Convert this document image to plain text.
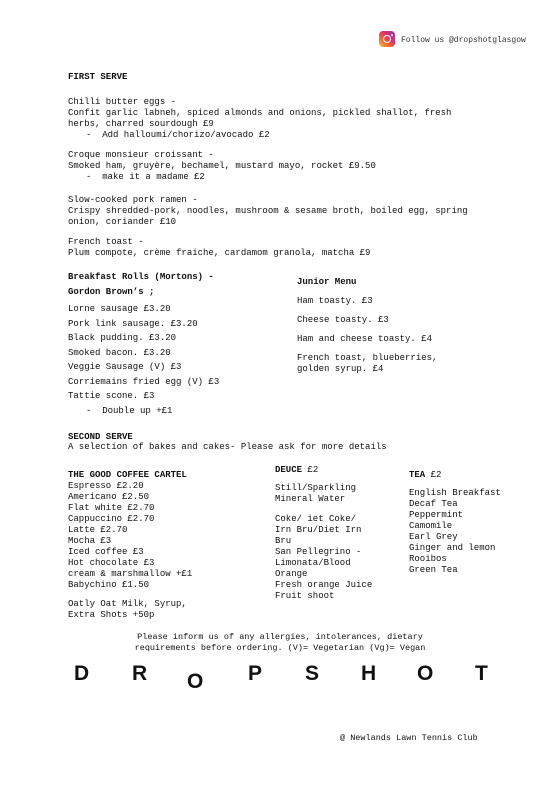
Follow us @dropshotglasgow
FIRST SERVE
Chilli butter eggs -
Confit garlic labneh, spiced almonds and onions, pickled shallot, fresh
herbs, charred sourdough £9
-  Add halloumi/chorizo/avocado £2
Croque monsieur croissant -
Smoked ham, gruyère, bechamel, mustard mayo, rocket £9.50
-  make it a madame £2
Slow-cooked pork ramen -
Crispy shredded-pork, noodles, mushroom & sesame broth, boiled egg, spring
onion, coriander £10
French toast -
Plum compote, crème fraiche, cardamom granola, matcha £9
Breakfast Rolls (Mortons) -
Gordon Brown’s ;
Lorne sausage £3.20
Pork link sausage. £3.20
Black pudding. £3.20
Smoked bacon. £3.20
Veggie Sausage (V) £3
Corriemains fried egg (V) £3
Tattie scone. £3
-  Double up +£1
Junior Menu
Ham toasty. £3
Cheese toasty. £3
Ham and cheese toasty. £4
French toast, blueberries,
golden syrup. £4
SECOND SERVE
A selection of bakes and cakes- Please ask for more details
THE GOOD COFFEE CARTEL
Espresso £2.20
Americano £2.50
Flat white £2.70
Cappuccino £2.70
Latte £2.70
Mocha £3
Iced coffee £3
Hot chocolate £3
cream & marshmallow +£1
Babychino £1.50
Oatly Oat Milk, Syrup,
Extra Shots +50p
DEUCE £2
Still/Sparkling
Mineral Water
Coke/ iet Coke/
Irn Bru/Diet Irn
Bru
San Pellegrino -
Limonata/Blood
Orange
Fresh orange Juice
Fruit shoot
TEA £2
English Breakfast
Decaf Tea
Peppermint
Camomile
Earl Grey
Ginger and lemon
Rooibos
Green Tea
Please inform us of any allergies, intolerances, dietary
requirements before ordering. (V)= Vegetarian (Vg)= Vegan
D R O P S H O T
@ Newlands Lawn Tennis Club
